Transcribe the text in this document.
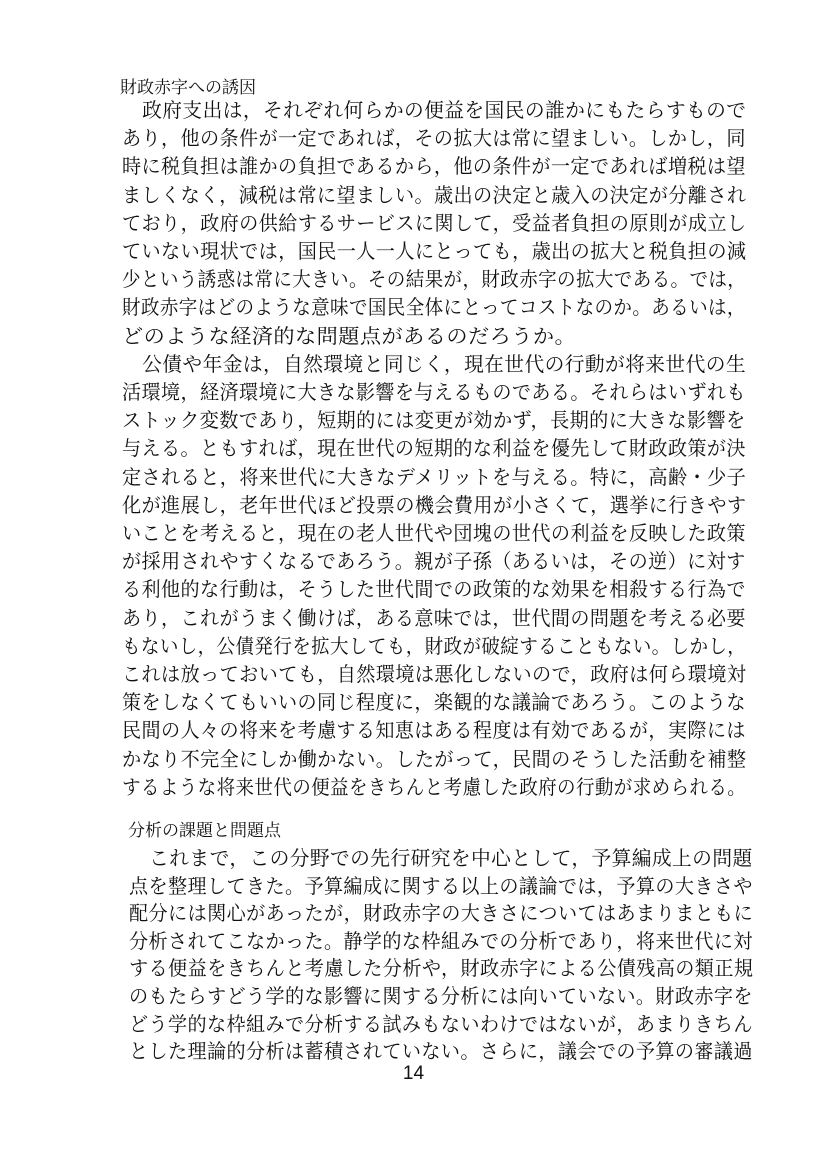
財政赤字への誘因
　政府支出は，それぞれ何らかの便益を国民の誰かにもたらすもので
あり，他の条件が一定であれば，その拡大は常に望ましい。しかし，同
時に税負担は誰かの負担であるから，他の条件が一定であれば増税は望
ましくなく，減税は常に望ましい。歳出の決定と歳入の決定が分離され
ており，政府の供給するサービスに関して，受益者負担の原則が成立し
ていない現状では，国民一人一人にとっても，歳出の拡大と税負担の減
少という誘惑は常に大きい。その結果が，財政赤字の拡大である。では，
財政赤字はどのような意味で国民全体にとってコストなのか。あるいは，
どのような経済的な問題点があるのだろうか。
　公債や年金は，自然環境と同じく，現在世代の行動が将来世代の生
活環境，経済環境に大きな影響を与えるものである。それらはいずれも
ストック変数であり，短期的には変更が効かず，長期的に大きな影響を
与える。ともすれば，現在世代の短期的な利益を優先して財政政策が決
定されると，将来世代に大きなデメリットを与える。特に，高齢・少子
化が進展し，老年世代ほど投票の機会費用が小さくて，選挙に行きやす
いことを考えると，現在の老人世代や団塊の世代の利益を反映した政策
が採用されやすくなるであろう。親が子孫（あるいは，その逆）に対す
る利他的な行動は，そうした世代間での政策的な効果を相殺する行為で
あり，これがうまく働けば，ある意味では，世代間の問題を考える必要
もないし，公債発行を拡大しても，財政が破綻することもない。しかし，
これは放っておいても，自然環境は悪化しないので，政府は何ら環境対
策をしなくてもいいの同じ程度に，楽観的な議論であろう。このような
民間の人々の将来を考慮する知恵はある程度は有効であるが，実際には
かなり不完全にしか働かない。したがって，民間のそうした活動を補整
するような将来世代の便益をきちんと考慮した政府の行動が求められる。
分析の課題と問題点
　これまで，この分野での先行研究を中心として，予算編成上の問題
点を整理してきた。予算編成に関する以上の議論では，予算の大きさや
配分には関心があったが，財政赤字の大きさについてはあまりまともに
分析されてこなかった。静学的な枠組みでの分析であり，将来世代に対
する便益をきちんと考慮した分析や，財政赤字による公債残高の類正規
のもたらすどう学的な影響に関する分析には向いていない。財政赤字を
どう学的な枠組みで分析する試みもないわけではないが，あまりきちん
とした理論的分析は蓄積されていない。さらに，議会での予算の審議過
14
